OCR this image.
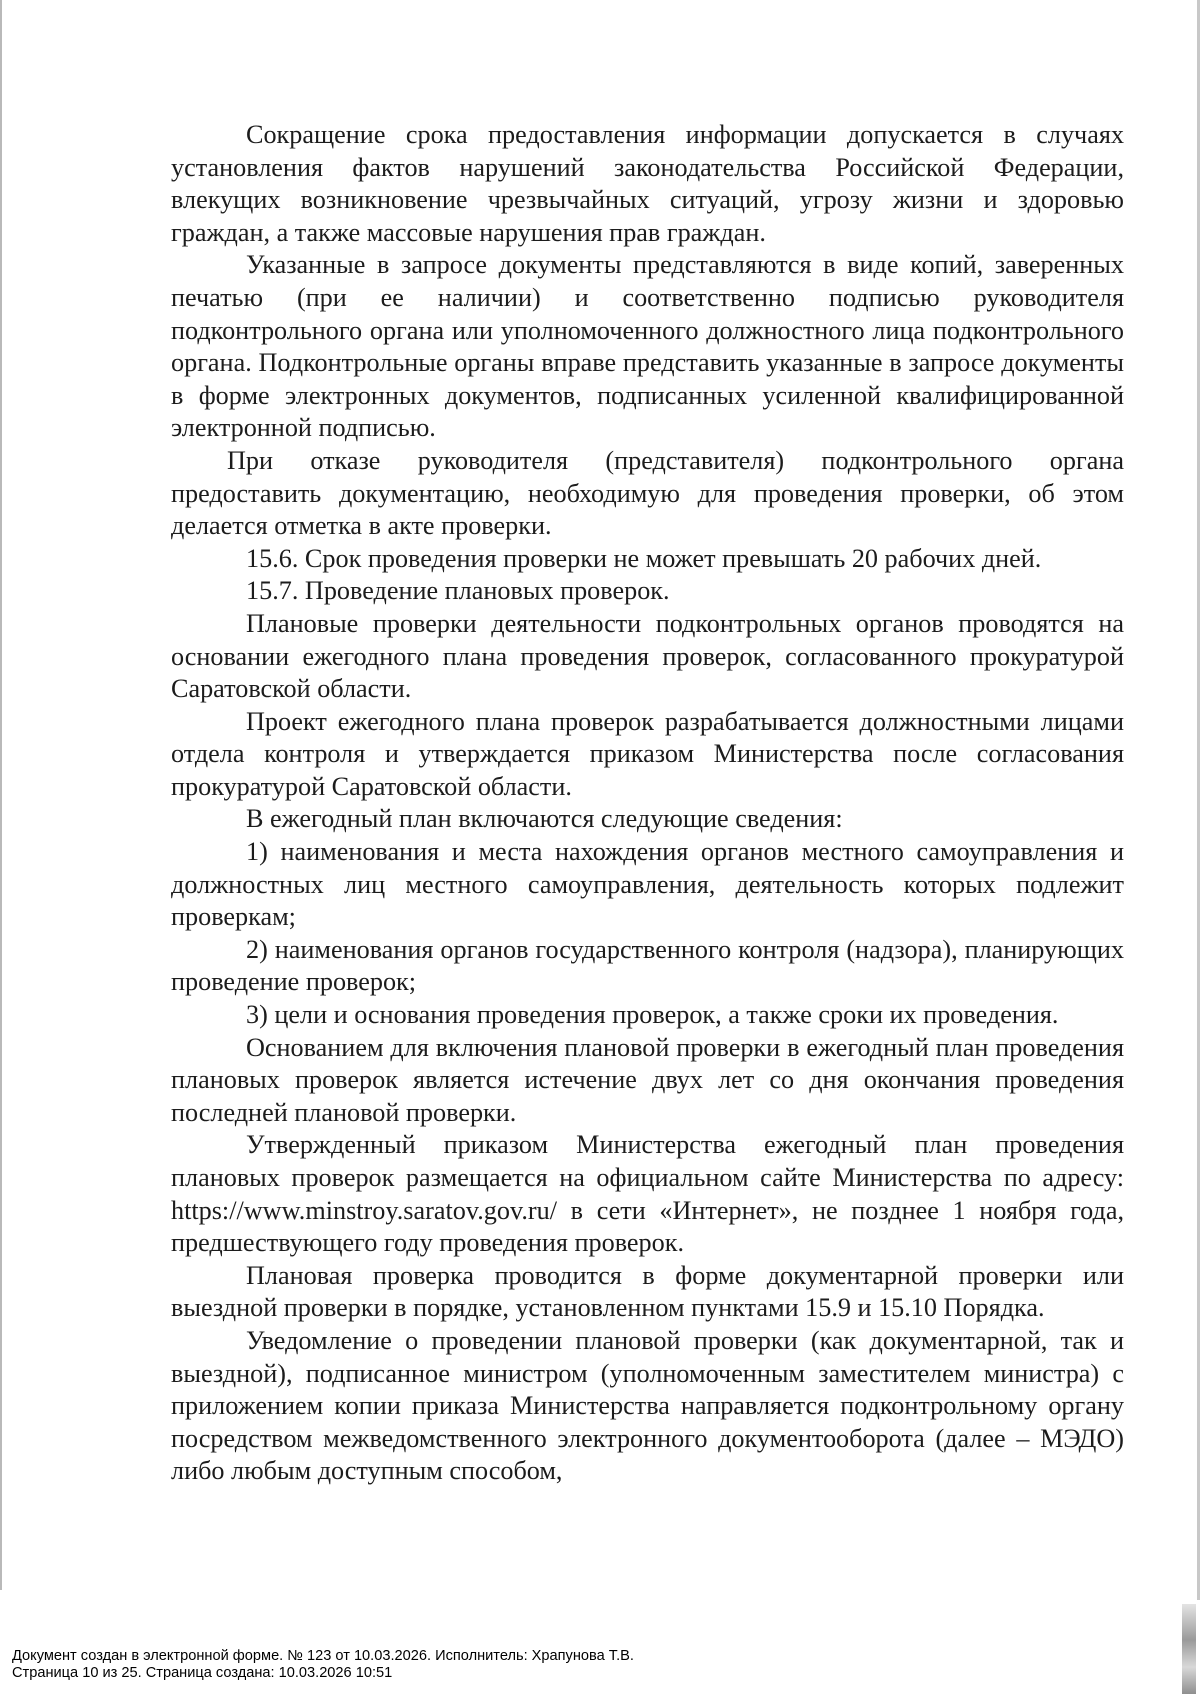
Сокращение срока предоставления информации допускается в случаях установления фактов нарушений законодательства Российской Федерации, влекущих возникновение чрезвычайных ситуаций, угрозу жизни и здоровью граждан, а также массовые нарушения прав граждан.

Указанные в запросе документы представляются в виде копий, заверенных печатью (при ее наличии) и соответственно подписью руководителя подконтрольного органа или уполномоченного должностного лица подконтрольного органа. Подконтрольные органы вправе представить указанные в запросе документы в форме электронных документов, подписанных усиленной квалифицированной электронной подписью.

При отказе руководителя (представителя) подконтрольного органа предоставить документацию, необходимую для проведения проверки, об этом делается отметка в акте проверки.

15.6. Срок проведения проверки не может превышать 20 рабочих дней.

15.7. Проведение плановых проверок.

Плановые проверки деятельности подконтрольных органов проводятся на основании ежегодного плана проведения проверок, согласованного прокуратурой Саратовской области.

Проект ежегодного плана проверок разрабатывается должностными лицами отдела контроля и утверждается приказом Министерства после согласования прокуратурой Саратовской области.

В ежегодный план включаются следующие сведения:

1) наименования и места нахождения органов местного самоуправления и должностных лиц местного самоуправления, деятельность которых подлежит проверкам;

2) наименования органов государственного контроля (надзора), планирующих проведение проверок;

3) цели и основания проведения проверок, а также сроки их проведения.

Основанием для включения плановой проверки в ежегодный план проведения плановых проверок является истечение двух лет со дня окончания проведения последней плановой проверки.

Утвержденный приказом Министерства ежегодный план проведения плановых проверок размещается на официальном сайте Министерства по адресу: https://www.minstroy.saratov.gov.ru/ в сети «Интернет», не позднее 1 ноября года, предшествующего году проведения проверок.

Плановая проверка проводится в форме документарной проверки или выездной проверки в порядке, установленном пунктами 15.9 и 15.10 Порядка.

Уведомление о проведении плановой проверки (как документарной, так и выездной), подписанное министром (уполномоченным заместителем министра) с приложением копии приказа Министерства направляется подконтрольному органу посредством межведомственного электронного документооборота (далее – МЭДО) либо любым доступным способом,

Документ создан в электронной форме. № 123 от 10.03.2026. Исполнитель: Храпунова Т.В.
Страница 10 из 25. Страница создана: 10.03.2026 10:51
